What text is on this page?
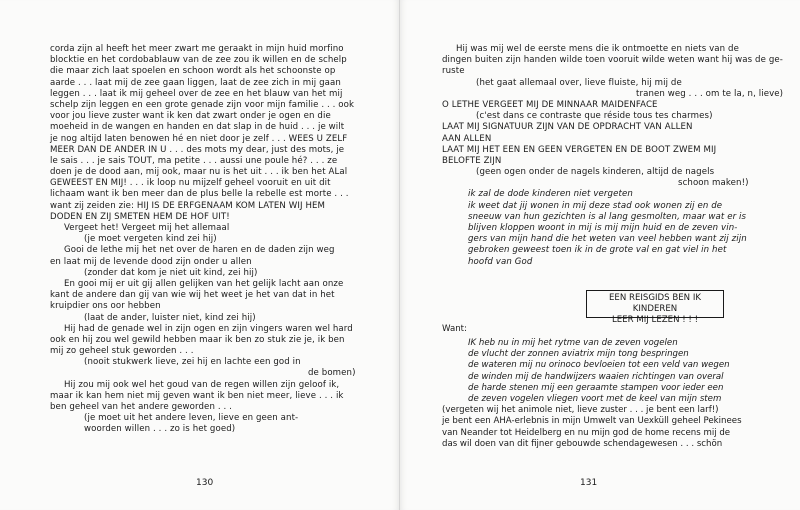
corda zijn al heeft het meer zwart me geraakt in mijn huid morfino
blocktie en het cordobablauw van de zee zou ik willen en de schelp
die maar zich laat spoelen en schoon wordt als het schoonste op
aarde . . . laat mij de zee gaan liggen, laat de zee zich in mij gaan
leggen . . . laat ik mij geheel over de zee en het blauw van het mij
schelp zijn leggen en een grote genade zijn voor mijn familie . . . ook
voor jou lieve zuster want ik ken dat zwart onder je ogen en die
moeheid in de wangen en handen en dat slap in de huid . . . je wilt
je nog altijd laten benowen hé en niet door je zelf . . . WEES U ZELF
MEER DAN DE ANDER IN U . . . des mots my dear, just des mots, je
le sais . . . je sais TOUT, ma petite . . . aussi une poule hé? . . . ze
doen je de dood aan, mij ook, maar nu is het uit . . . ik ben het ALal
GEWEEST EN MIJ! . . . ik loop nu mijzelf geheel vooruit en uit dit
lichaam want ik ben meer dan de plus belle la rebelle est morte . . .
want zij zeiden zie: HIJ IS DE ERFGENAAM KOM LATEN WIJ HEM
DODEN EN ZIJ SMETEN HEM DE HOF UIT!
Vergeet het! Vergeet mij het allemaal
(je moet vergeten kind zei hij)
Gooi de lethe mij het net over de haren en de daden zijn weg
en laat mij de levende dood zijn onder u allen
(zonder dat kom je niet uit kind, zei hij)
En gooi mij er uit gij allen gelijken van het gelijk lacht aan onze
kant de andere dan gij van wie wij het weet je het van dat in het
kruipdier ons oor hebben
(laat de ander, luister niet, kind zei hij)
Hij had de genade wel in zijn ogen en zijn vingers waren wel hard
ook en hij zou wel gewild hebben maar ik ben zo stuk zie je, ik ben
mij zo geheel stuk geworden . . .
(nooit stukwerk lieve, zei hij en lachte een god in
de bomen)
Hij zou mij ook wel het goud van de regen willen zijn geloof ik,
maar ik kan hem niet mij geven want ik ben niet meer, lieve . . . ik
ben geheel van het andere geworden . . .
(je moet uit het andere leven, lieve en geen ant-
woorden willen . . . zo is het goed)
130
Hij was mij wel de eerste mens die ik ontmoette en niets van de
dingen buiten zijn handen wilde toen vooruit wilde weten want hij was de ge-
ruste
(het gaat allemaal over, lieve fluiste, hij mij de
tranen weg . . . om te la, n, lieve)
O LETHE VERGEET MIJ DE MINNAAR MAIDENFACE
(c'est dans ce contraste que réside tous tes charmes)
LAAT MIJ SIGNATUUR ZIJN VAN DE OPDRACHT VAN ALLEN
AAN ALLEN
LAAT MIJ HET EEN EN GEEN VERGETEN EN DE BOOT ZWEM MIJ
BELOFTE ZIJN
(geen ogen onder de nagels kinderen, altijd de nagels
schoon maken!)
ik zal de dode kinderen niet vergeten
ik weet dat jij wonen in mij deze stad ook wonen zij en de
sneeuw van hun gezichten is al lang gesmolten, maar wat er is
blijven kloppen woont in mij is mij mijn huid en de zeven vin-
gers van mijn hand die het weten van veel hebben want zij zijn
gebroken geweest toen ik in de grote val en gat viel in het
hoofd van God
EEN REISGIDS BEN IK KINDEREN
LEER MIJ LEZEN ! ! !
Want:
IK heb nu in mij het rytme van de zeven vogelen
de vlucht der zonnen aviatrix mijn tong bespringen
de wateren mij nu orinoco bevloeien tot een veld van wegen
de winden mij de handwijzers waaien richtingen van overal
de harde stenen mij een geraamte stampen voor ieder een
de zeven vogelen vliegen voort met de keel van mijn stem
(vergeten wij het animole niet, lieve zuster . . . je bent een larf!)
je bent een AHA-erlebnis in mijn Umwelt van Uexküll geheel Pekinees
van Neander tot Heidelberg en nu mijn god de home recens mij de
das wil doen van dit fijner gebouwde schendagewesen . . . schön
131
